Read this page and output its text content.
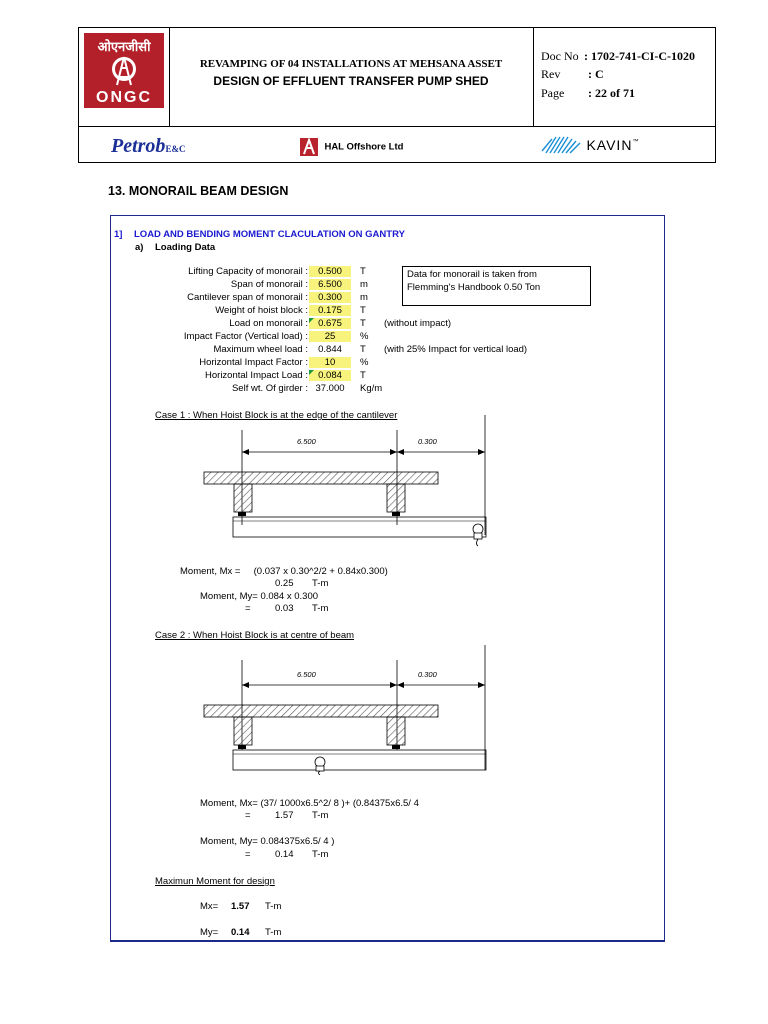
ओएनजीसी
ONGC
REVAMPING OF 04 INSTALLATIONS AT MEHSANA ASSET
DESIGN OF EFFLUENT TRANSFER PUMP SHED
Doc No : 1702-741-CI-C-1020
Rev : C
Page : 22 of 71
PetrobE&C	HAL Offshore Ltd	KAVIN™
13. MONORAIL BEAM DESIGN
1] LOAD AND BENDING MOMENT CLACULATION ON GANTRY
a) Loading Data
Lifting Capacity of monorail :	0.500	T
Span of monorail :	6.500	m
Cantilever span of monorail :	0.300	m
Weight of hoist block :	0.175	T
Load on monorail :	0.675	T (without impact)
Impact Factor (Vertical load) :	25	%
Maximum wheel load :	0.844	T (with 25% Impact for vertical load)
Horizontal Impact Factor :	10	%
Horizontal Impact Load :	0.084	T
Self wt. Of girder : 37.000	Kg/m
Data for monorail is taken from
Flemming's Handbook 0.50 Ton
Case 1 : When Hoist Block is at the edge of the cantilever
6.500	0.300
Moment, Mx =     (0.037 x 0.30^2/2 + 0.84x0.300)
0.25 T-m
Moment, My= 0.084 x 0.300
=	0.03 T-m
Case 2 : When Hoist Block is at centre of beam
6.500	0.300
Moment, Mx= (37/ 1000x6.5^2/ 8 )+ (0.84375x6.5/ 4
=	1.57 T-m
Moment, My= 0.084375x6.5/ 4 )
=	0.14 T-m
Maximun Moment for design
Mx= 1.57 T-m
My= 0.14 T-m
